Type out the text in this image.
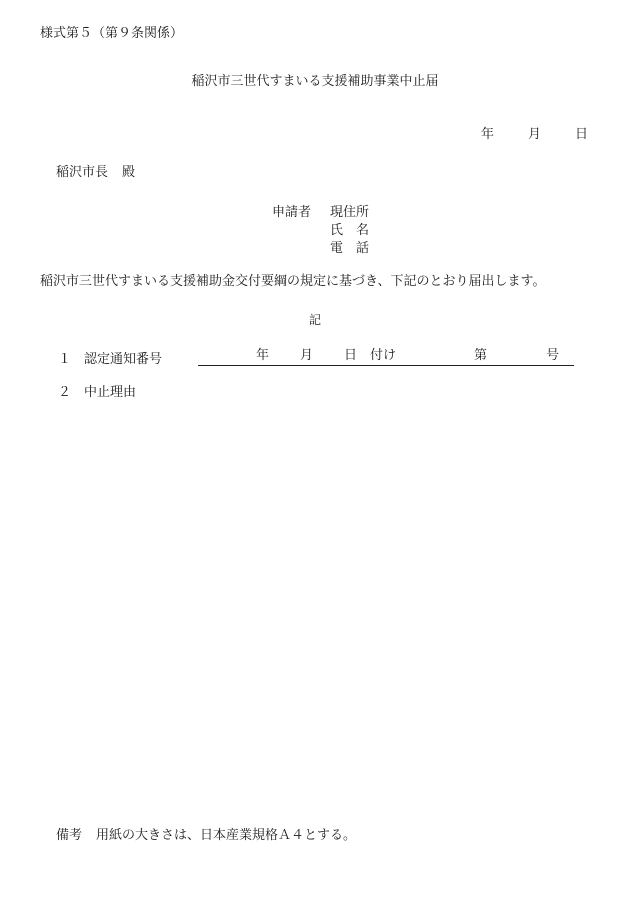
様式第５（第９条関係）
稲沢市三世代すまいる支援補助事業中止届
年	月	日
稲沢市長 殿
申請者	現住所
氏　名
電　話
稲沢市三世代すまいる支援補助金交付要綱の規定に基づき、下記のとおり届出します。
記
１ 認定通知番号	年 月 日　付け	第	号
２ 中止理由
備考 用紙の大きさは、日本産業規格Ａ４とする。
